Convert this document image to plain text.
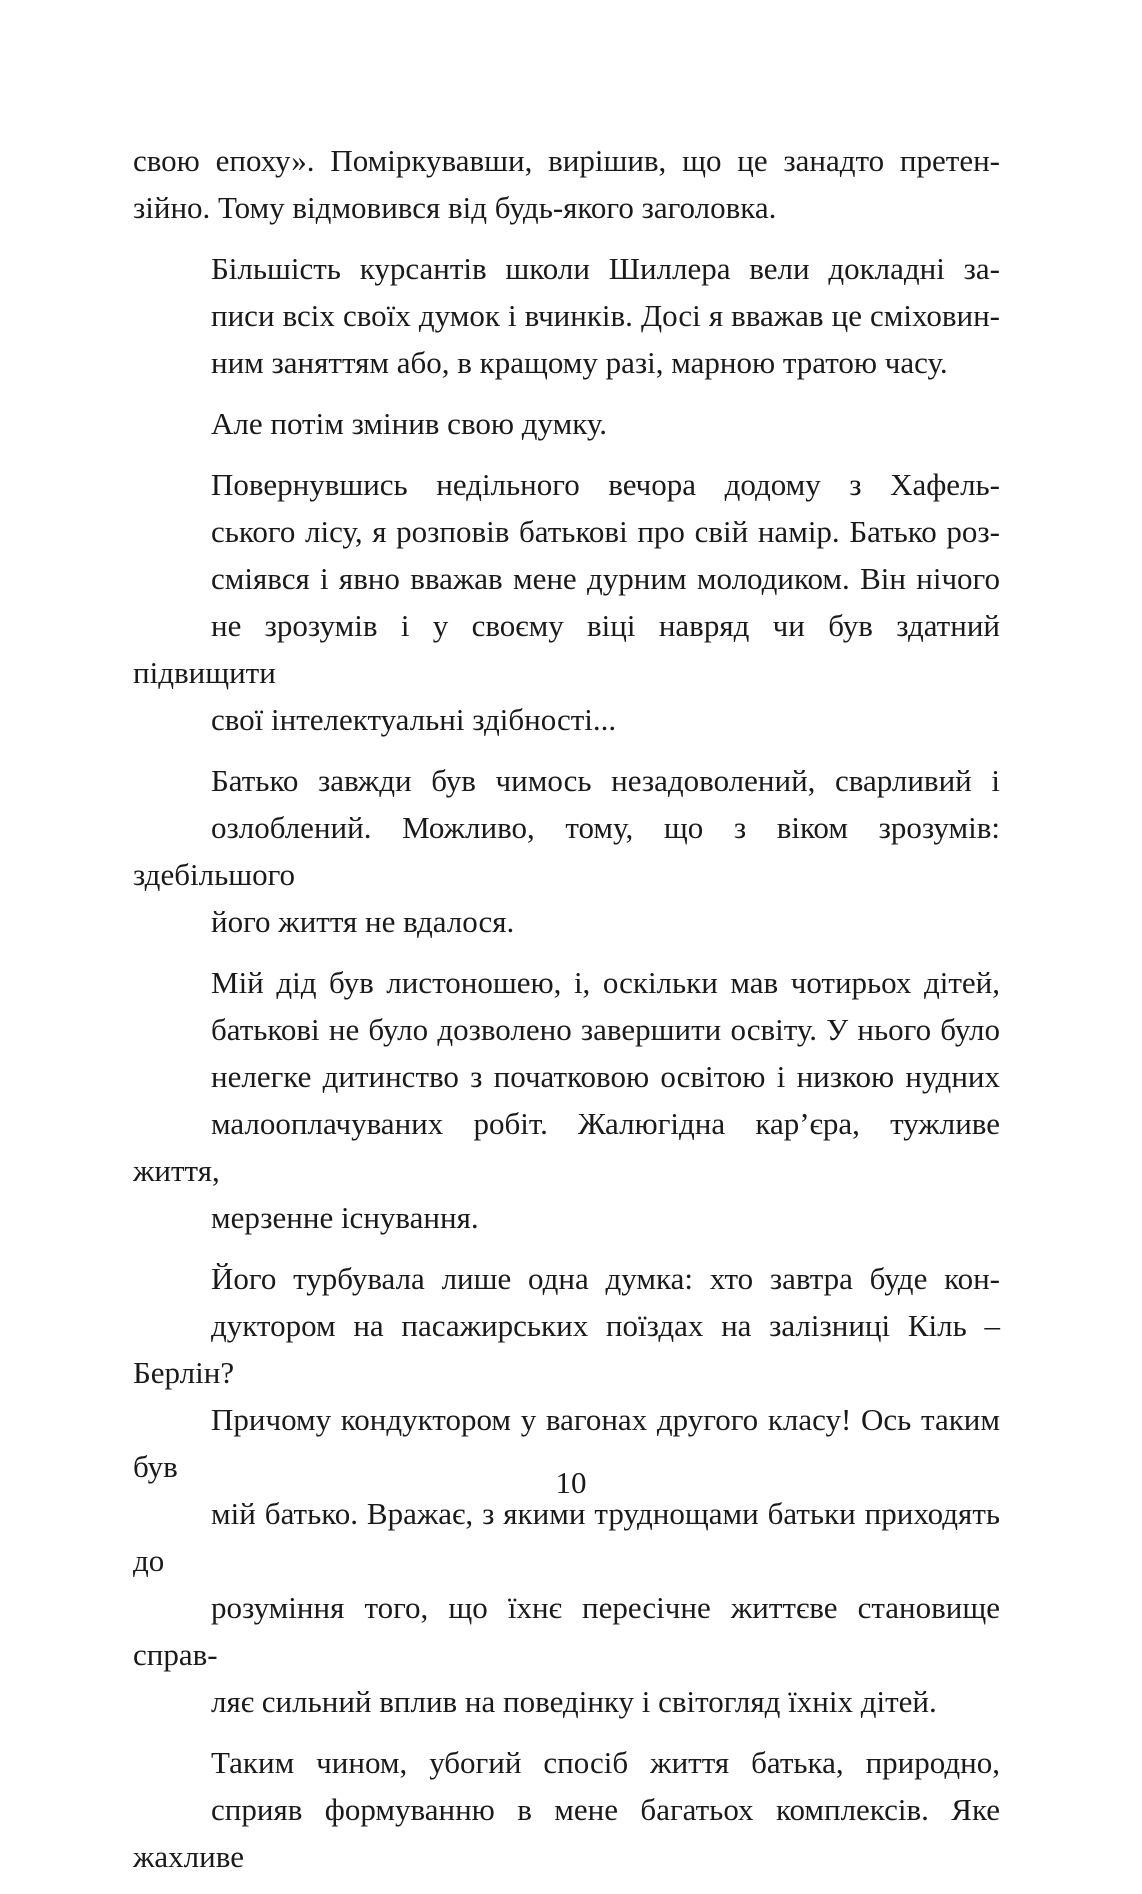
свою епоху». Поміркувавши, вирішив, що це занадто претен-
зійно. Тому відмовився від будь-якого заголовка.
Більшість курсантів школи Шиллера вели докладні за-
писи всіх своїх думок і вчинків. Досі я вважав це сміховин-
ним заняттям або, в кращому разі, марною тратою часу.
Але потім змінив свою думку.
Повернувшись недільного вечора додому з Хафель-
ського лісу, я розповів батькові про свій намір. Батько роз-
сміявся і явно вважав мене дурним молодиком. Він нічого
не зрозумів і у своєму віці навряд чи був здатний підвищити
свої інтелектуальні здібності...
Батько завжди був чимось незадоволений, сварливий і
озлоблений. Можливо, тому, що з віком зрозумів: здебільшого
його життя не вдалося.
Мій дід був листоношею, і, оскільки мав чотирьох дітей,
батькові не було дозволено завершити освіту. У нього було
нелегке дитинство з початковою освітою і низкою нудних
малооплачуваних робіт. Жалюгідна кар’єра, тужливе життя,
мерзенне існування.
Його турбувала лише одна думка: хто завтра буде кон-
дуктором на пасажирських поїздах на залізниці Кіль – Берлін?
Причому кондуктором у вагонах другого класу! Ось таким був
мій батько. Вражає, з якими труднощами батьки приходять до
розуміння того, що їхнє пересічне життєве становище справ-
ляє сильний вплив на поведінку і світогляд їхніх дітей.
Таким чином, убогий спосіб життя батька, природно,
сприяв формуванню в мене багатьох комплексів. Яке жахливе
10
